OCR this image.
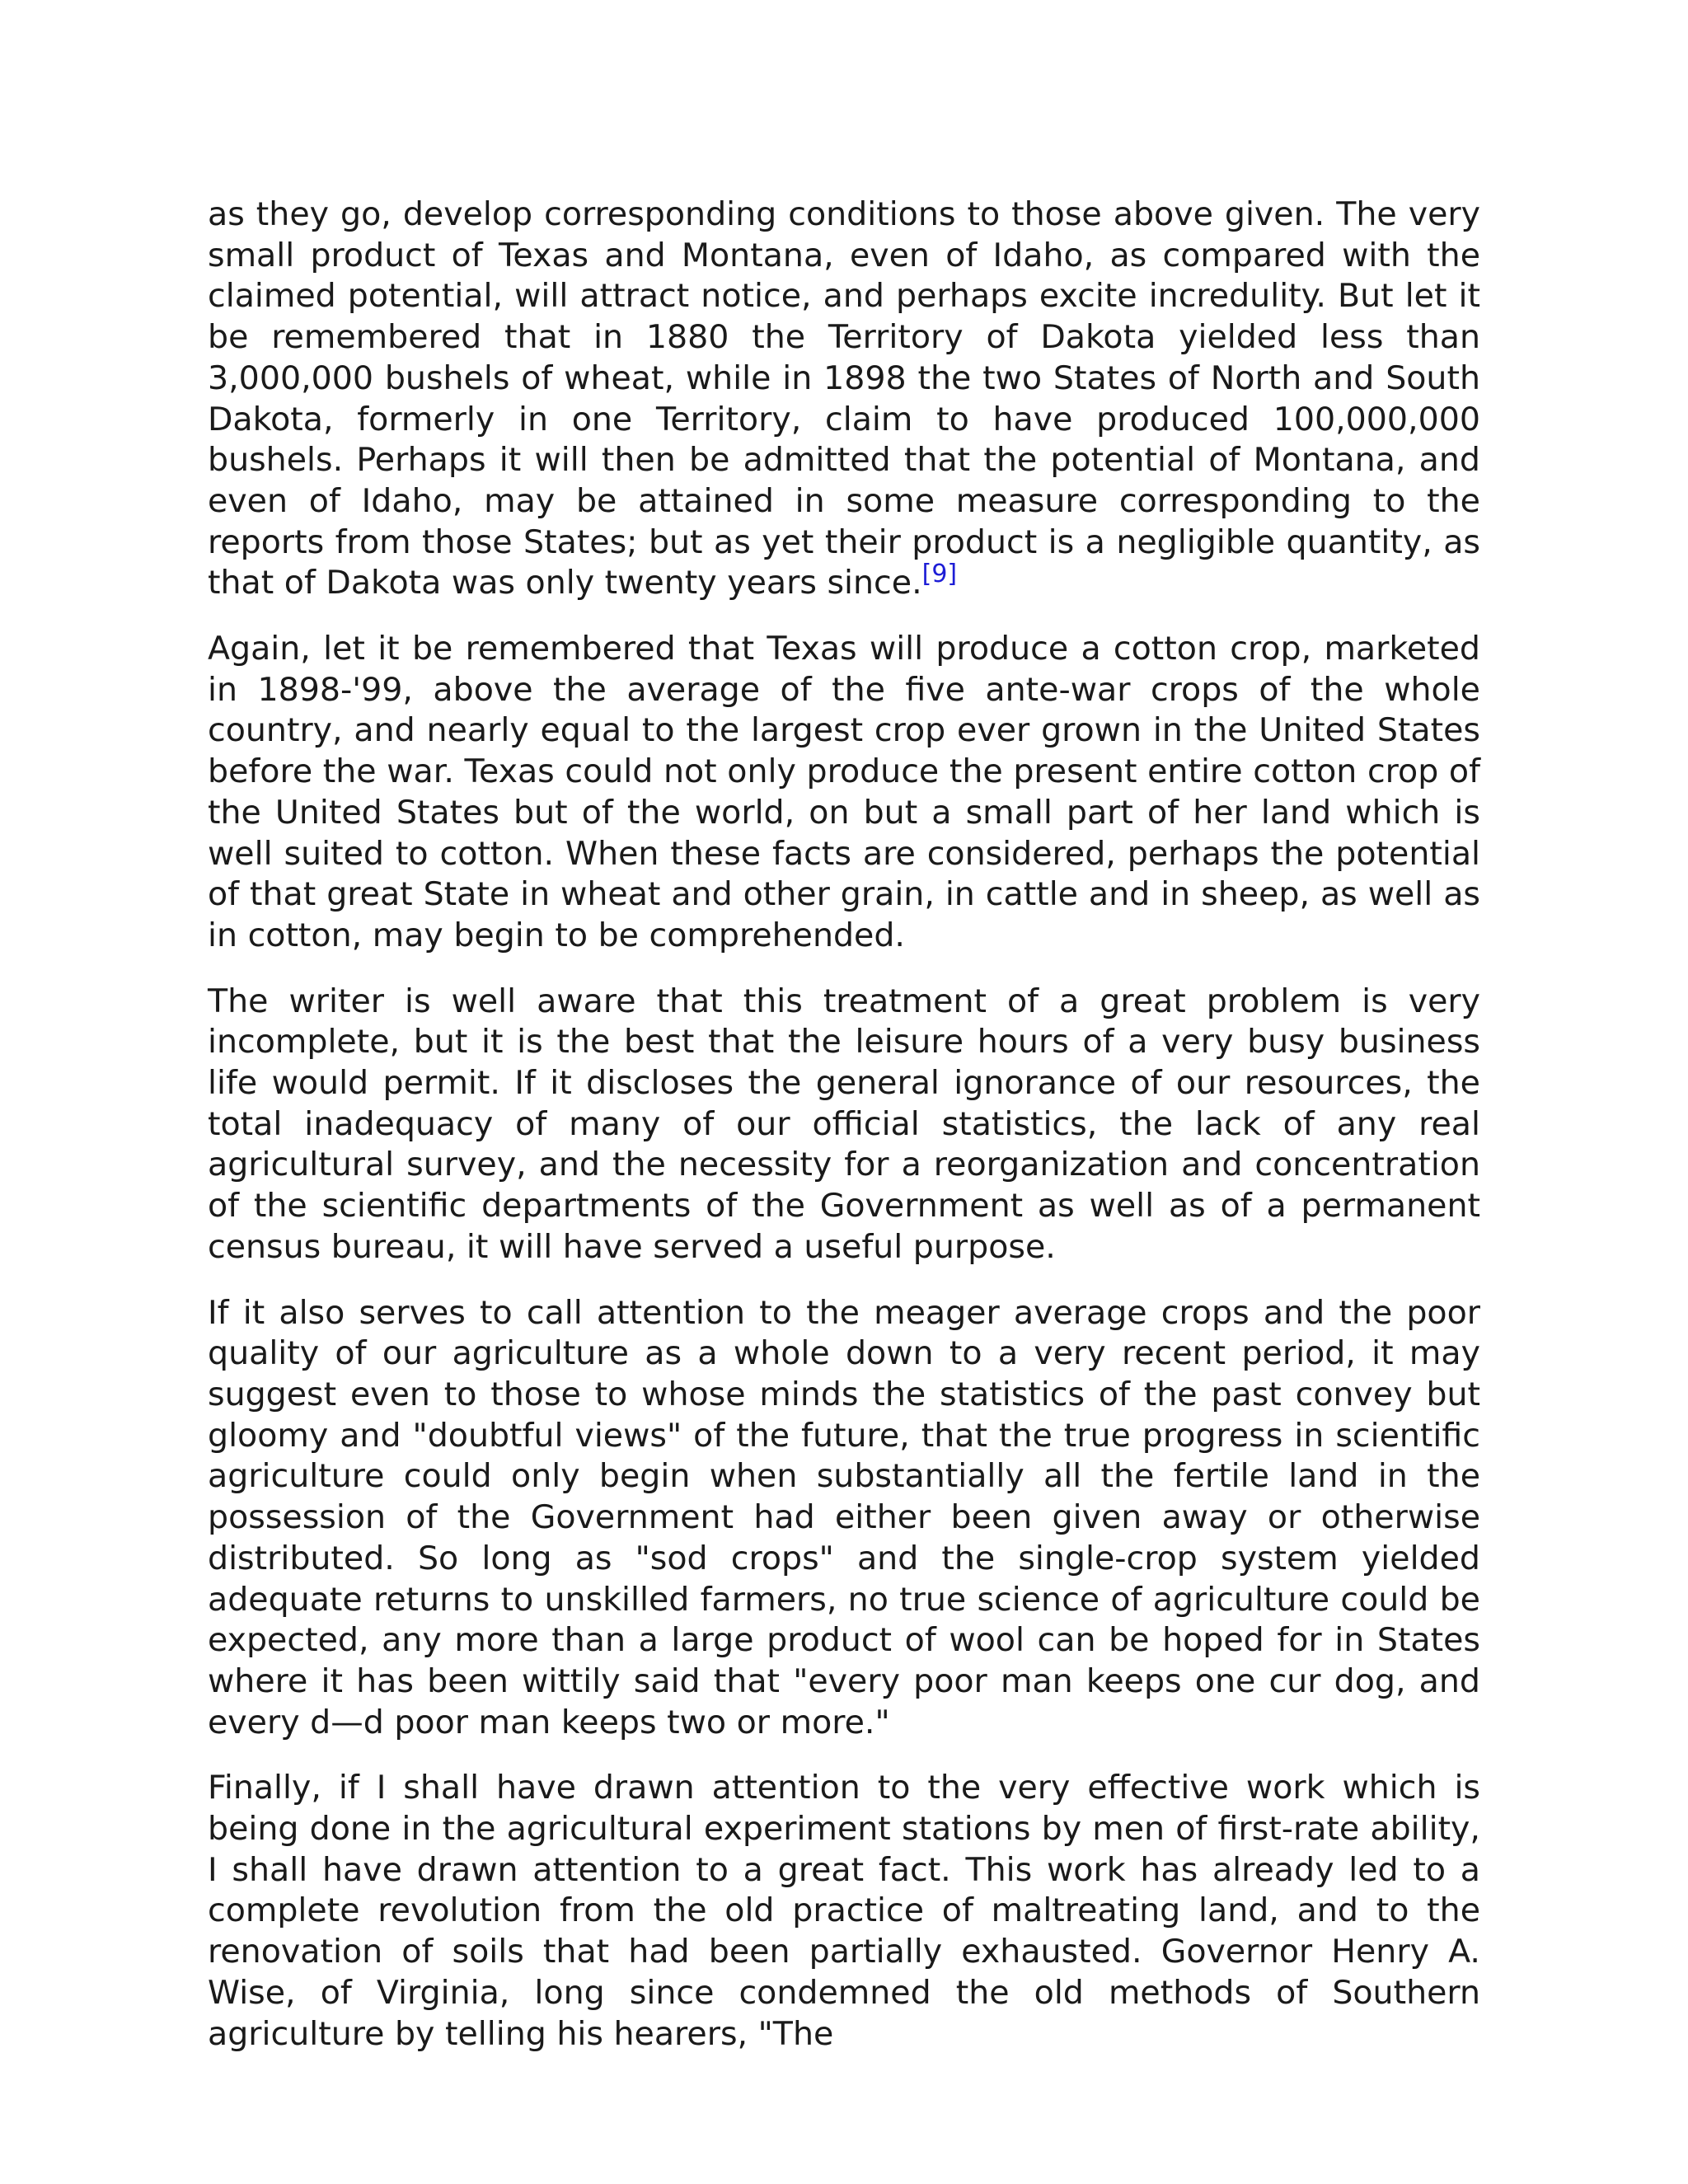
as they go, develop corresponding conditions to those above given. The very small product of Texas and Montana, even of Idaho, as compared with the claimed potential, will attract notice, and perhaps excite incredulity. But let it be remembered that in 1880 the Territory of Dakota yielded less than 3,000,000 bushels of wheat, while in 1898 the two States of North and South Dakota, formerly in one Territory, claim to have produced 100,000,000 bushels. Perhaps it will then be admitted that the potential of Montana, and even of Idaho, may be attained in some measure corresponding to the reports from those States; but as yet their product is a negligible quantity, as that of Dakota was only twenty years since.[9]

Again, let it be remembered that Texas will produce a cotton crop, marketed in 1898-'99, above the average of the five ante-war crops of the whole country, and nearly equal to the largest crop ever grown in the United States before the war. Texas could not only produce the present entire cotton crop of the United States but of the world, on but a small part of her land which is well suited to cotton. When these facts are considered, perhaps the potential of that great State in wheat and other grain, in cattle and in sheep, as well as in cotton, may begin to be comprehended.

The writer is well aware that this treatment of a great problem is very incomplete, but it is the best that the leisure hours of a very busy business life would permit. If it discloses the general ignorance of our resources, the total inadequacy of many of our official statistics, the lack of any real agricultural survey, and the necessity for a reorganization and concentration of the scientific departments of the Government as well as of a permanent census bureau, it will have served a useful purpose.

If it also serves to call attention to the meager average crops and the poor quality of our agriculture as a whole down to a very recent period, it may suggest even to those to whose minds the statistics of the past convey but gloomy and "doubtful views" of the future, that the true progress in scientific agriculture could only begin when substantially all the fertile land in the possession of the Government had either been given away or otherwise distributed. So long as "sod crops" and the single-crop system yielded adequate returns to unskilled farmers, no true science of agriculture could be expected, any more than a large product of wool can be hoped for in States where it has been wittily said that "every poor man keeps one cur dog, and every d—d poor man keeps two or more."

Finally, if I shall have drawn attention to the very effective work which is being done in the agricultural experiment stations by men of first-rate ability, I shall have drawn attention to a great fact. This work has already led to a complete revolution from the old practice of maltreating land, and to the renovation of soils that had been partially exhausted. Governor Henry A. Wise, of Virginia, long since condemned the old methods of Southern agriculture by telling his hearers, "The
